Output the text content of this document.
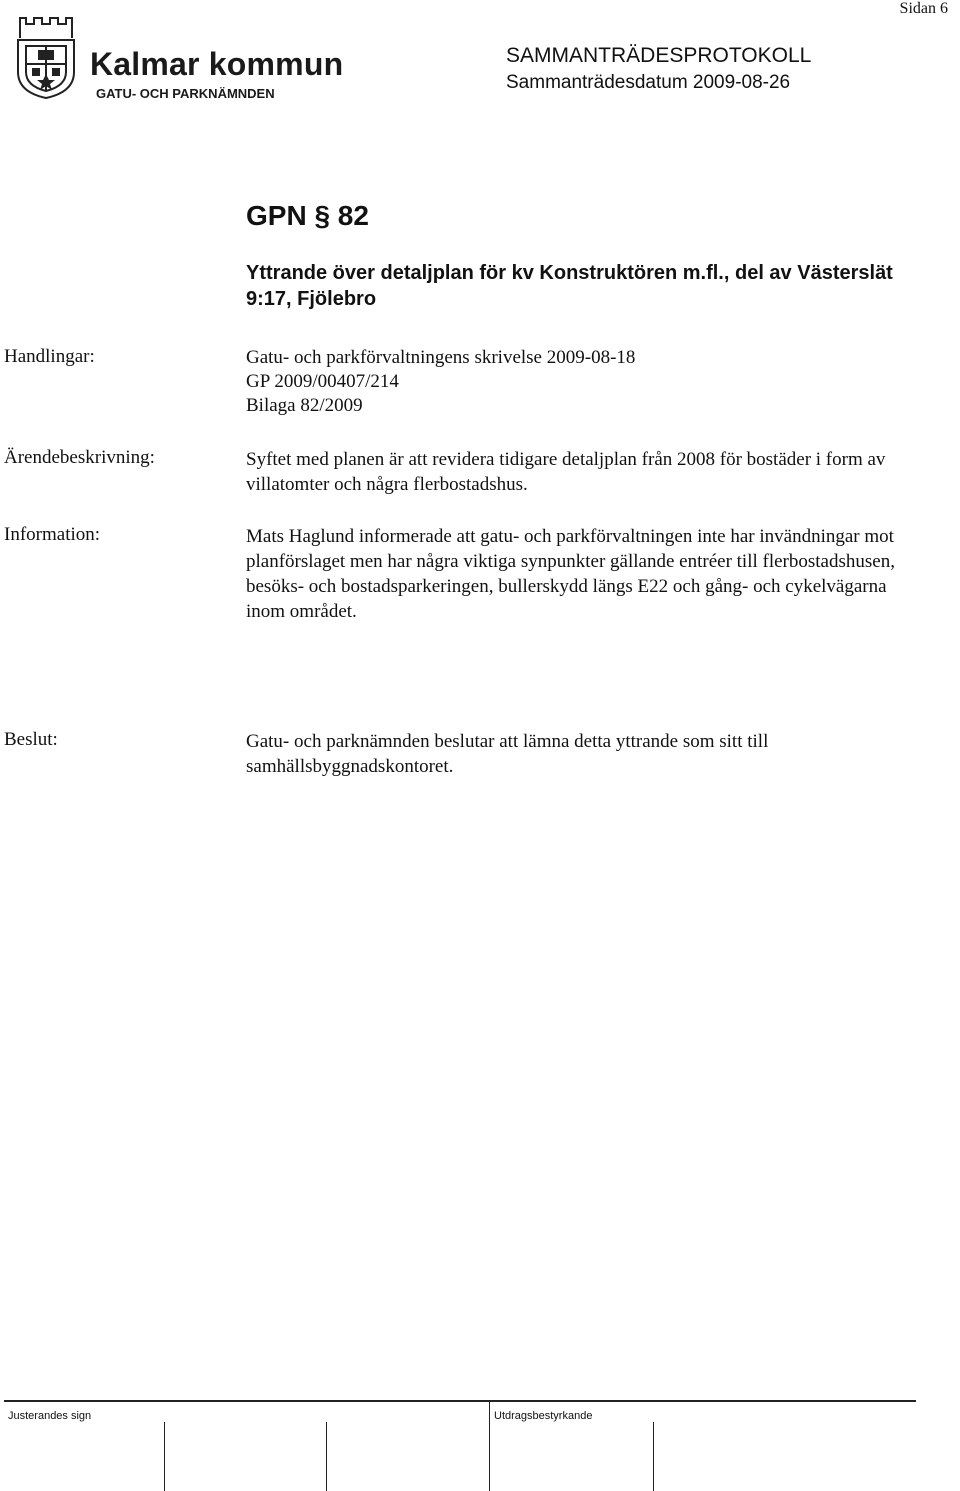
Sidan 6
Kalmar kommun
GATU- OCH PARKNÄMNDEN
SAMMANTRÄDESPROTOKOLL
Sammanträdesdatum 2009-08-26
GPN § 82
Yttrande över detaljplan för kv Konstruktören m.fl., del av Västerslät 9:17, Fjölebro
Handlingar:	Gatu- och parkförvaltningens skrivelse 2009-08-18
GP 2009/00407/214
Bilaga 82/2009
Ärendebeskrivning:	Syftet med planen är att revidera tidigare detaljplan från 2008 för bostäder i form av villatomter och några flerbostadshus.
Information:	Mats Haglund informerade att gatu- och parkförvaltningen inte har invändningar mot planförslaget men har några viktiga synpunkter gällande entréer till flerbostadshusen, besöks- och bostadsparkeringen, bullerskydd längs E22 och gång- och cykelvägarna inom området.
Beslut:	Gatu- och parknämnden beslutar att lämna detta yttrande som sitt till samhällsbyggnadskontoret.
Justerandes sign	Utdragsbestyrkande
